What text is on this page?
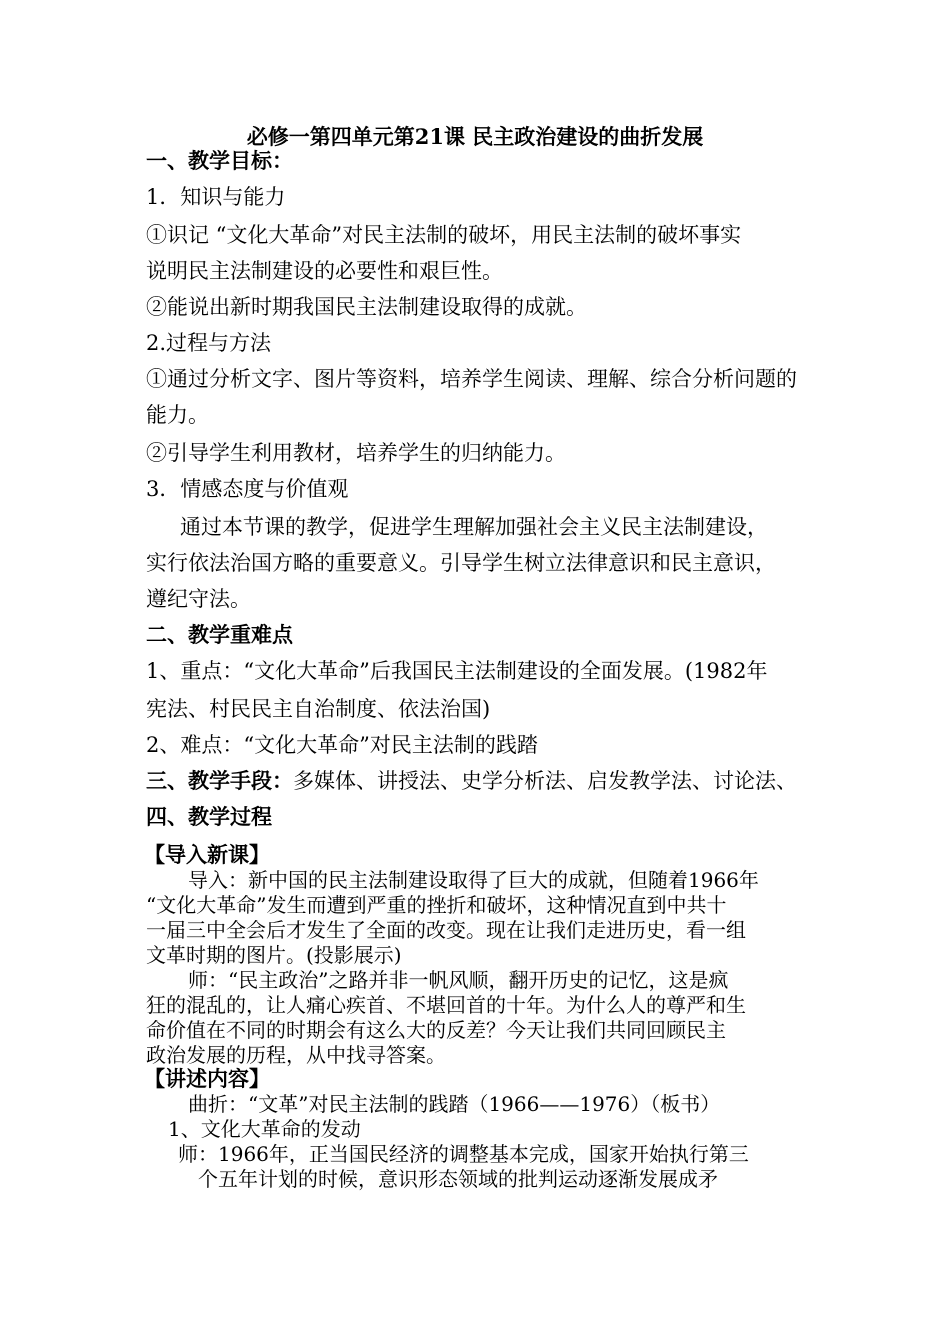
必修一第四单元第21课 民主政治建设的曲折发展
一、教学目标：
1．知识与能力
①识记 “文化大革命”对民主法制的破坏，用民主法制的破坏事实
说明民主法制建设的必要性和艰巨性。
②能说出新时期我国民主法制建设取得的成就。
2.过程与方法
①通过分析文字、图片等资料，培养学生阅读、理解、综合分析问题的
能力。
②引导学生利用教材，培养学生的归纳能力。
3．情感态度与价值观
通过本节课的教学，促进学生理解加强社会主义民主法制建设，
实行依法治国方略的重要意义。引导学生树立法律意识和民主意识，
遵纪守法。
二、教学重难点
1、重点：“文化大革命”后我国民主法制建设的全面发展。(1982年
宪法、村民民主自治制度、依法治国)
2、难点：“文化大革命”对民主法制的践踏
三、教学手段：多媒体、讲授法、史学分析法、启发教学法、讨论法、
四、教学过程
【导入新课】
导入：新中国的民主法制建设取得了巨大的成就，但随着1966年
“文化大革命”发生而遭到严重的挫折和破坏，这种情况直到中共十
一届三中全会后才发生了全面的改变。现在让我们走进历史，看一组
文革时期的图片。(投影展示)
师：“民主政治”之路并非一帆风顺，翻开历史的记忆，这是疯
狂的混乱的，让人痛心疾首、不堪回首的十年。为什么人的尊严和生
命价值在不同的时期会有这么大的反差？今天让我们共同回顾民主
政治发展的历程，从中找寻答案。
【讲述内容】
曲折：“文革”对民主法制的践踏（1966——1976）（板书）
1、文化大革命的发动
师：1966年，正当国民经济的调整基本完成，国家开始执行第三
个五年计划的时候，意识形态领域的批判运动逐渐发展成矛
